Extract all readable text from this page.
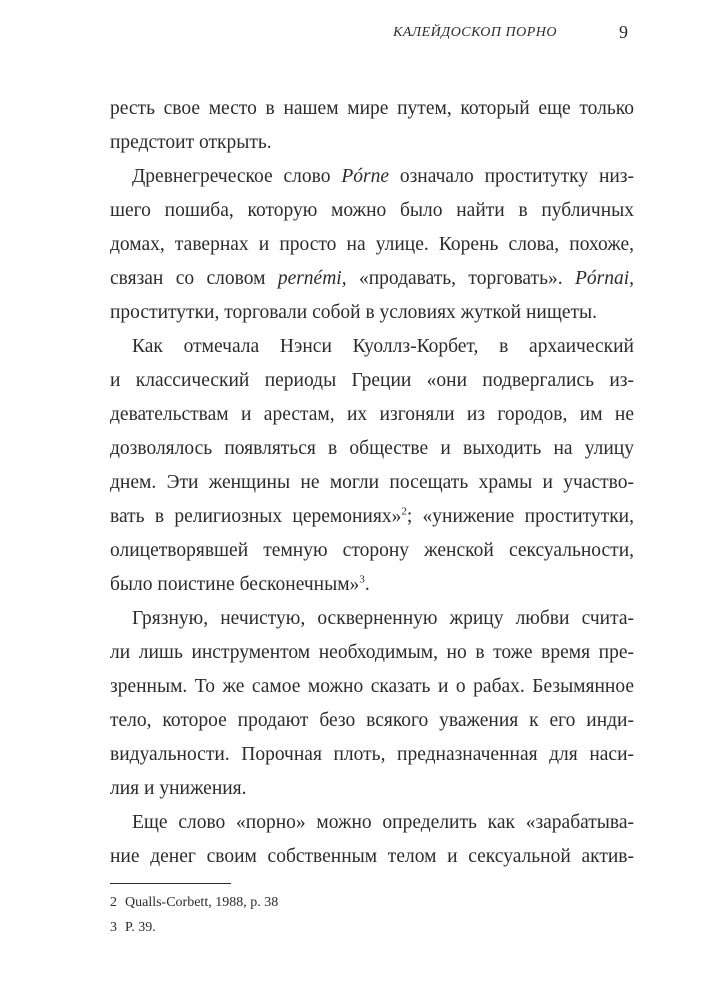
КАЛЕЙДОСКОП ПОРНО	9
ресть свое место в нашем мире путем, который еще только
предстоит открыть.
Древнегреческое слово Pórne означало проститутку низ-
шего пошиба, которую можно было найти в публичных
домах, тавернах и просто на улице. Корень слова, похоже,
связан со словом pernémi, «продавать, торговать». Pórnai,
проститутки, торговали собой в условиях жуткой нищеты.
Как отмечала Нэнси Куоллз-Корбет, в архаический
и классический периоды Греции «они подвергались из-
девательствам и арестам, их изгоняли из городов, им не
дозволялось появляться в обществе и выходить на улицу
днем. Эти женщины не могли посещать храмы и участво-
вать в религиозных церемониях»$^2$; «унижение проститутки,
олицетворявшей темную сторону женской сексуальности,
было поистине бесконечным»$^3$.
Грязную, нечистую, оскверненную жрицу любви счита-
ли лишь инструментом необходимым, но в тоже время пре-
зренным. То же самое можно сказать и о рабах. Безымянное
тело, которое продают безо всякого уважения к его инди-
видуальности. Порочная плоть, предназначенная для наси-
лия и унижения.
Еще слово «порно» можно определить как «зарабатыва-
ние денег своим собственным телом и сексуальной актив-
2 Qualls-Corbett, 1988, p. 38
3 P. 39.
